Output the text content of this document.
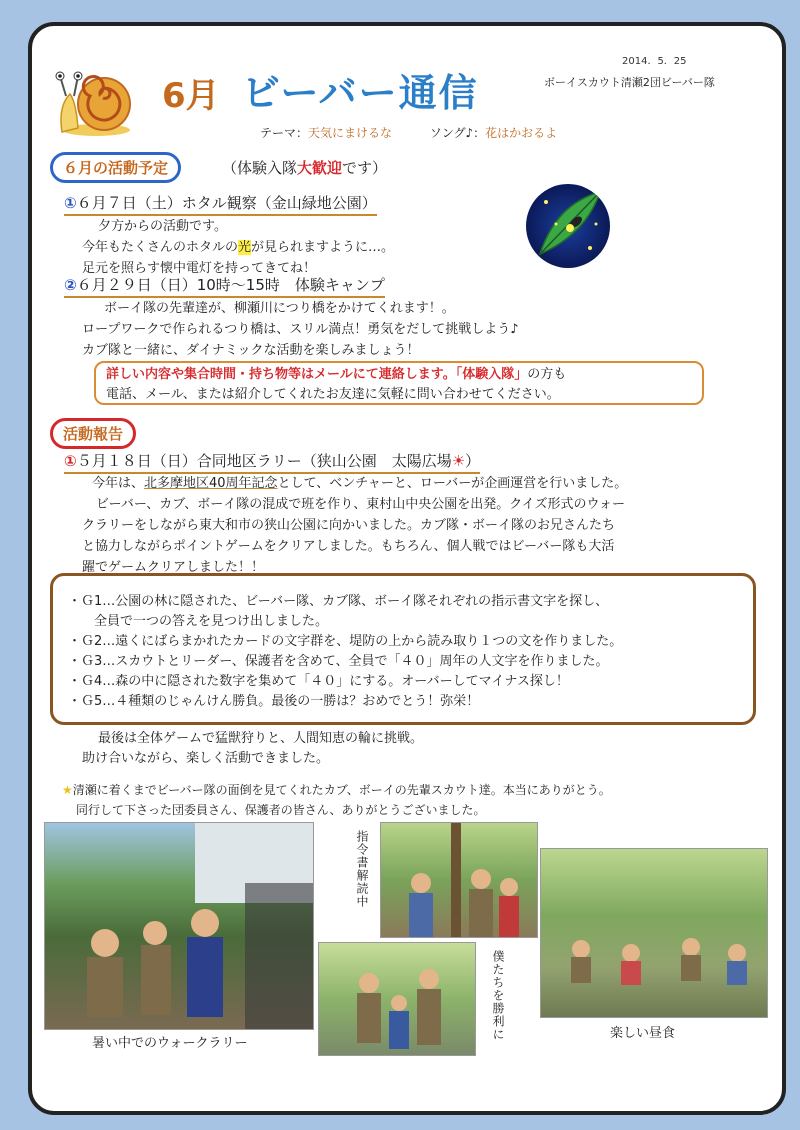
6月 ビーバー通信
2014．5．25
ボーイスカウト清瀬2団ビーバー隊
テーマ：天気にまけるな	ソング♪：花はかおるよ
６月の活動予定	（体験入隊大歓迎です）
①６月７日（土）ホタル観察（金山緑地公園）
夕方からの活動です。
今年もたくさんのホタルの光が見られますように…。
足元を照らす懐中電灯を持ってきてね！
②６月２９日（日）10時～15時　体験キャンプ
ボーイ隊の先輩達が、柳瀬川につり橋をかけてくれます！。
ロープワークで作られるつり橋は、スリル満点！勇気をだして挑戦しよう♪
カブ隊と一緒に、ダイナミックな活動を楽しみましょう！
詳しい内容や集合時間・持ち物等はメールにて連絡します。「体験入隊」の方も
電話、メール、または紹介してくれたお友達に気軽に問い合わせてください。
活動報告
①５月１８日（日）合同地区ラリー（狭山公園　太陽広場☀）
今年は、北多摩地区40周年記念として、ベンチャーと、ローバーが企画運営を行いました。
ビーバー、カブ、ボーイ隊の混成で班を作り、東村山中央公園を出発。クイズ形式のウォー
クラリーをしながら東大和市の狭山公園に向かいました。カブ隊・ボーイ隊のお兄さんたち
と協力しながらポイントゲームをクリアしました。もちろん、個人戦ではビーバー隊も大活
躍でゲームクリアしました！！
・Ｇ1…公園の林に隠された、ビーバー隊、カブ隊、ボーイ隊それぞれの指示書文字を探し、
　　全員で一つの答えを見つけ出しました。
・Ｇ2…遠くにばらまかれたカードの文字群を、堤防の上から読み取り１つの文を作りました。
・Ｇ3…スカウトとリーダー、保護者を含めて、全員で「４０」周年の人文字を作りました。
・Ｇ4…森の中に隠された数字を集めて「４０」にする。オーバーしてマイナス探し！
・Ｇ5…４種類のじゃんけん勝負。最後の一勝は？おめでとう！弥栄！
最後は全体ゲームで猛獣狩りと、人間知恵の輪に挑戦。
助け合いながら、楽しく活動できました。
★清瀬に着くまでビーバー隊の面倒を見てくれたカブ、ボーイの先輩スカウト達。本当にありがとう。
同行して下さった団委員さん、保護者の皆さん、ありがとうございました。
暑い中でのウォークラリー
指令書解読中
僕たちを勝利に	楽しい昼食
